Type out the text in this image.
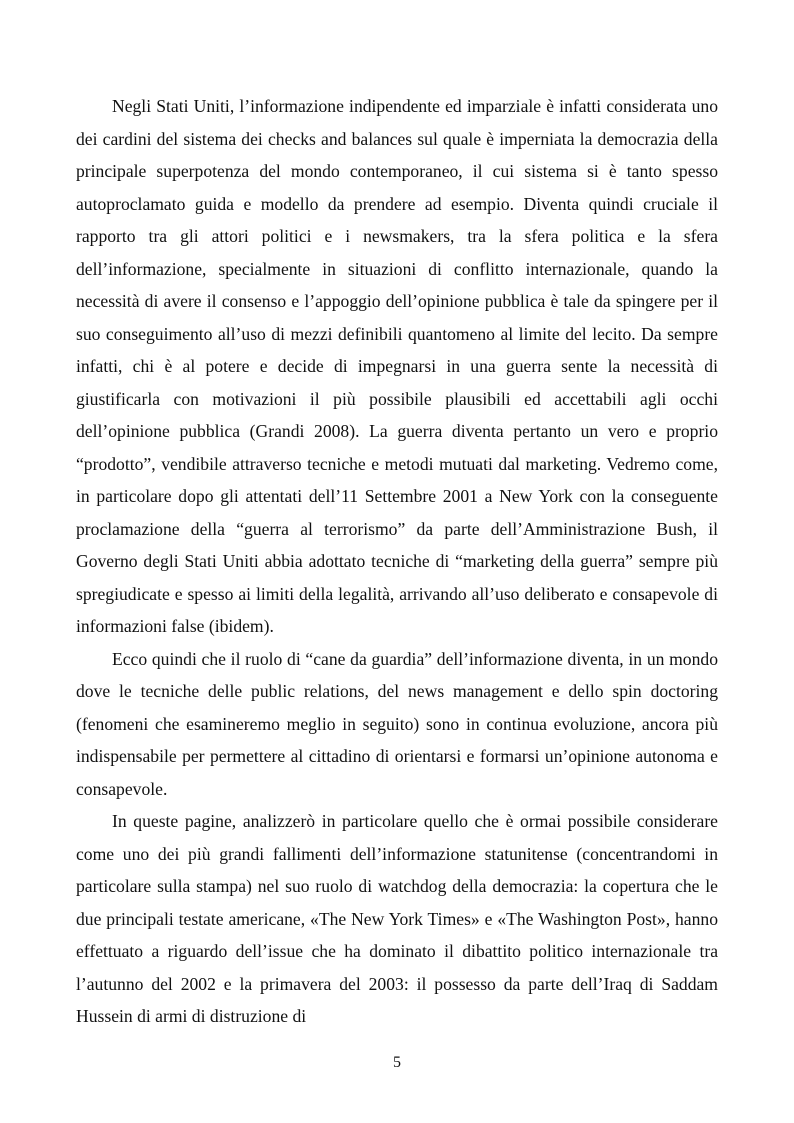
Negli Stati Uniti, l’informazione indipendente ed imparziale è infatti considerata uno dei cardini del sistema dei checks and balances sul quale è imperniata la democrazia della principale superpotenza del mondo contemporaneo, il cui sistema si è tanto spesso autoproclamato guida e modello da prendere ad esempio. Diventa quindi cruciale il rapporto tra gli attori politici e i newsmakers, tra la sfera politica e la sfera dell’informazione, specialmente in situazioni di conflitto internazionale, quando la necessità di avere il consenso e l’appoggio dell’opinione pubblica è tale da spingere per il suo conseguimento all’uso di mezzi definibili quantomeno al limite del lecito. Da sempre infatti, chi è al potere e decide di impegnarsi in una guerra sente la necessità di giustificarla con motivazioni il più possibile plausibili ed accettabili agli occhi dell’opinione pubblica (Grandi 2008). La guerra diventa pertanto un vero e proprio “prodotto”, vendibile attraverso tecniche e metodi mutuati dal marketing. Vedremo come, in particolare dopo gli attentati dell’11 Settembre 2001 a New York con la conseguente proclamazione della “guerra al terrorismo” da parte dell’Amministrazione Bush, il Governo degli Stati Uniti abbia adottato tecniche di “marketing della guerra” sempre più spregiudicate e spesso ai limiti della legalità, arrivando all’uso deliberato e consapevole di informazioni false (ibidem).

Ecco quindi che il ruolo di “cane da guardia” dell’informazione diventa, in un mondo dove le tecniche delle public relations, del news management e dello spin doctoring (fenomeni che esamineremo meglio in seguito) sono in continua evoluzione, ancora più indispensabile per permettere al cittadino di orientarsi e formarsi un’opinione autonoma e consapevole.

In queste pagine, analizzerò in particolare quello che è ormai possibile considerare come uno dei più grandi fallimenti dell’informazione statunitense (concentrandomi in particolare sulla stampa) nel suo ruolo di watchdog della democrazia: la copertura che le due principali testate americane, «The New York Times» e «The Washington Post», hanno effettuato a riguardo dell’issue che ha dominato il dibattito politico internazionale tra l’autunno del 2002 e la primavera del 2003: il possesso da parte dell’Iraq di Saddam Hussein di armi di distruzione di

5
